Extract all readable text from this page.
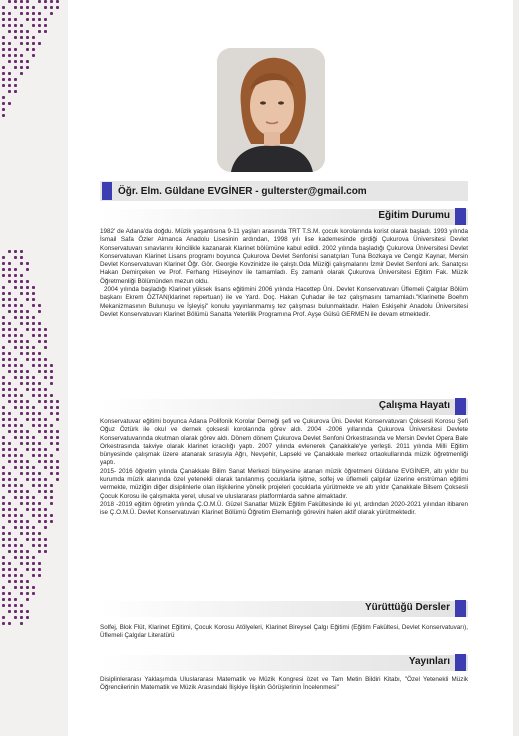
Öğr. Elm. Güldane EVGİNER - gulterster@gmail.com
Eğitim Durumu

1982' de Adana'da doğdu. Müzik yaşantısına 9-11 yaşları arasında TRT T.S.M. çocuk korolarında korist olarak başladı. 1993 yılında İsmail Safa Özler Almanca Anadolu Lisesinin ardından, 1998 yılı lise kademesinde girdiği Çukurova Üniversitesi Devlet Konservatuvarı sınavlarını ikincilikle kazanarak Klarinet bölümüne kabul edildi. 2002 yılında başladığı Çukurova Üniversitesi Devlet Konservatuvarı Klarinet Lisans programı boyunca Çukurova Devlet Senfonisi sanatçıları Tuna Bozkaya ve Cengiz Kaynar, Mersin Devlet Konservatuvarı Klarinet Öğr. Gör. Georgie Kovzinidze ile çalıştı.Oda Müziği çalışmalarını İzmir Devlet Senfoni ark. Sanatçısı Hakan Demirçeken ve Prof. Ferhang Hüseyinov ile tamamladı. Eş zamanlı olarak Çukurova Üniversitesi Eğitim Fak. Müzik Öğretmenliği Bölümünden mezun oldu.

2004 yılında başladığı Klarinet yüksek lisans eğitimini 2006 yılında Hacettep Üni. Devlet Konservatuvarı Üflemeli Çalgılar Bölüm başkanı Ekrem ÖZTAN(klarinet repertuarı) ile ve Yard. Doç. Hakan Çuhadar ile tez çalışmasını tamamladı."Klarinette Boehm Mekanizmasının Bulunuşu ve İşleyişi" konulu yayınlanmamış tez çalışması bulunmaktadır. Halen Eskişehir Anadolu Üniversitesi Devlet Konservatuvarı Klarinet Bölümü Sanatta Yeterlilik Programına Prof. Ayşe Gülsü GERMEN ile devam etmektedir.

Çalışma Hayatı

Konservatuvar eğitimi boyunca Adana Polifonik Korolar Derneği şefi ve Çukurova Üni. Devlet Konservatuvarı Çoksesli Korosu Şefi Oğuz Öztürk ile okul ve dernek çoksesli korolarında görev aldı. 2004 -2006 yıllarında Çukurova Üniversitesi Devlete Konservatuvarında okutman olarak görev aldı. Dönem dönem Çukurova Devlet Senfoni Orkestrasında ve Mersin Devlet Opera Bale Orkestrasında takviye olarak klarinet icracılığı yaptı. 2007 yılında evlenerek Çanakkale'ye yerleşti. 2011 yılında Milli Eğitim bünyesinde çalışmak üzere atanarak sırasıyla Ağrı, Nevşehir, Lapseki ve Çanakkale merkez ortaokullarında müzik öğretmenliği yaptı.

2015- 2016 öğretim yılında Çanakkale Bilim Sanat Merkezi bünyesine atanan müzik öğretmeni Güldane EVGİNER, altı yıldır bu kurumda müzik alanında özel yetenekli olarak tanılanmış çocuklarla işitme, solfej ve üflemeli çalgılar üzerine enstrüman eğitimi vermekte, müziğin diğer disiplinlerle olan ilişkilerine yönelik projeleri çocuklarla yürütmekte ve altı yıldır Çanakkale Bilsem Çoksesli Çocuk Korosu ile çalışmakta yerel, ulusal ve uluslararası platformlarda sahne almaktadır.

2018 -2019 eğitim öğretim yılında Ç.O.M.Ü. Güzel Sanatlar Müzik Eğitim Fakültesinde iki yıl, ardından 2020-2021 yılından itibaren ise Ç.O.M.Ü. Devlet Konservatuvarı Klarinet Bölümü Öğretim Elemanlığı görevini halen aktif olarak yürütmektedir.

Yürüttüğü Dersler

Solfej, Blok Flüt, Klarinet Eğitimi, Çocuk Korosu Atölyeleri, Klarinet Bireysel Çalgı Eğitimi (Eğitim Fakültesi, Devlet Konservatuvarı), Üflemeli Çalgılar Literatürü

Yayınları

Disiplinlerarası Yaklaşımda Uluslararası Matematik ve Müzik Kongresi özet ve Tam Metin Bildiri Kitabı, "Özel Yetenekli Müzik Öğrencilerinin Matematik ve Müzik Arasındaki İlişkiye İlişkin Görüşlerinin İncelenmesi"
